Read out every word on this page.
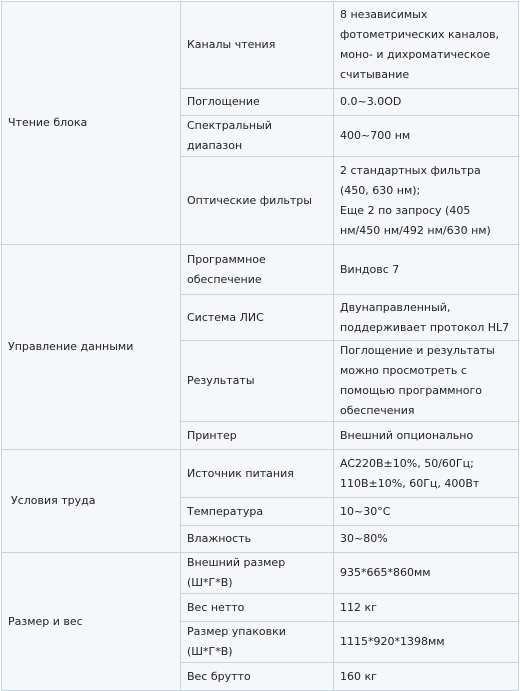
Чтение блока	Каналы чтения	8 независимых фотометрических каналов, моно- и дихроматическое считывание
	Поглощение	0.0~3.0OD
	Спектральный диапазон	400~700 нм
	Оптические фильтры	2 стандартных фильтра (450, 630 нм);
Еще 2 по запросу (405 нм/450 нм/492 нм/630 нм)
Управление данными	Программное обеспечение	Виндовс 7
	Система ЛИС	Двунаправленный, поддерживает протокол HL7
	Результаты	Поглощение и результаты можно просмотреть с помощью программного обеспечения
	Принтер	Внешний опционально
Условия труда	Источник питания	AC220В±10%, 50/60Гц;
110В±10%, 60Гц, 400Вт
	Температура	10~30°C
	Влажность	30~80%
Размер и вес	Внешний размер (Ш*Г*В)	935*665*860мм
	Вес нетто	112 кг
	Размер упаковки (Ш*Г*В)	1115*920*1398мм
	Вес брутто	160 кг
